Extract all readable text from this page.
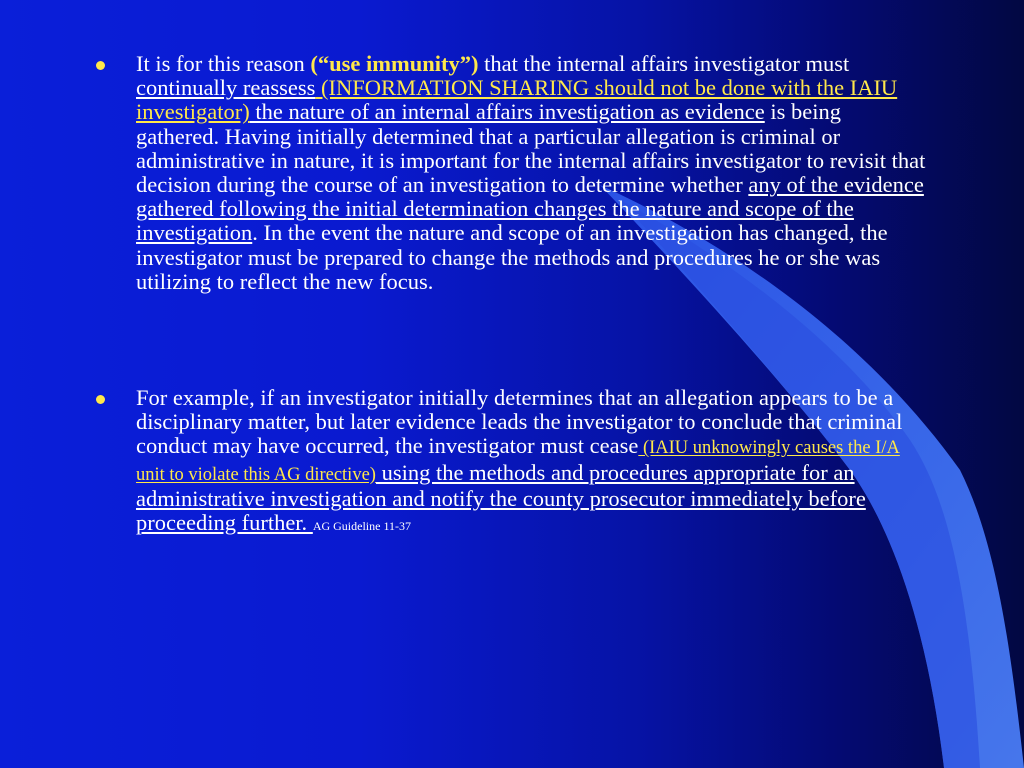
It is for this reason (“use immunity”) that the internal affairs investigator must continually reassess (INFORMATION SHARING should not be done with the IAIU investigator) the nature of an internal affairs investigation as evidence is being gathered. Having initially determined that a particular allegation is criminal or administrative in nature, it is important for the internal affairs investigator to revisit that decision during the course of an investigation to determine whether any of the evidence gathered following the initial determination changes the nature and scope of the investigation. In the event the nature and scope of an investigation has changed, the investigator must be prepared to change the methods and procedures he or she was utilizing to reflect the new focus.
For example, if an investigator initially determines that an allegation appears to be a disciplinary matter, but later evidence leads the investigator to conclude that criminal conduct may have occurred, the investigator must cease (IAIU unknowingly causes the I/A unit to violate this AG directive) using the methods and procedures appropriate for an administrative investigation and notify the county prosecutor immediately before proceeding further. AG Guideline 11-37
